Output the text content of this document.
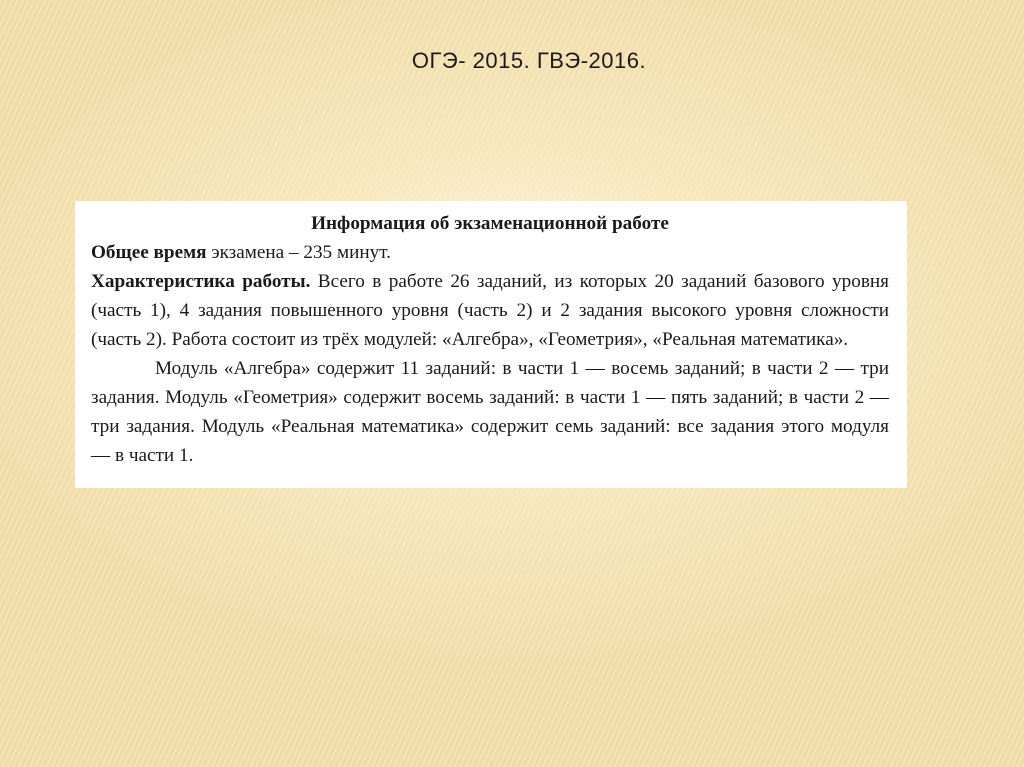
ОГЭ- 2015. ГВЭ-2016.

Информация об экзаменационной работе

Общее время экзамена – 235 минут.

Характеристика работы. Всего в работе 26 заданий, из которых 20 заданий базового уровня (часть 1), 4 задания повышенного уровня (часть 2) и 2 задания высокого уровня сложности (часть 2). Работа состоит из трёх модулей: «Алгебра», «Геометрия», «Реальная математика».

Модуль «Алгебра» содержит 11 заданий: в части 1 — восемь заданий; в части 2 — три задания. Модуль «Геометрия» содержит восемь заданий: в части 1 — пять заданий; в части 2 — три задания. Модуль «Реальная математика» содержит семь заданий: все задания этого модуля — в части 1.
